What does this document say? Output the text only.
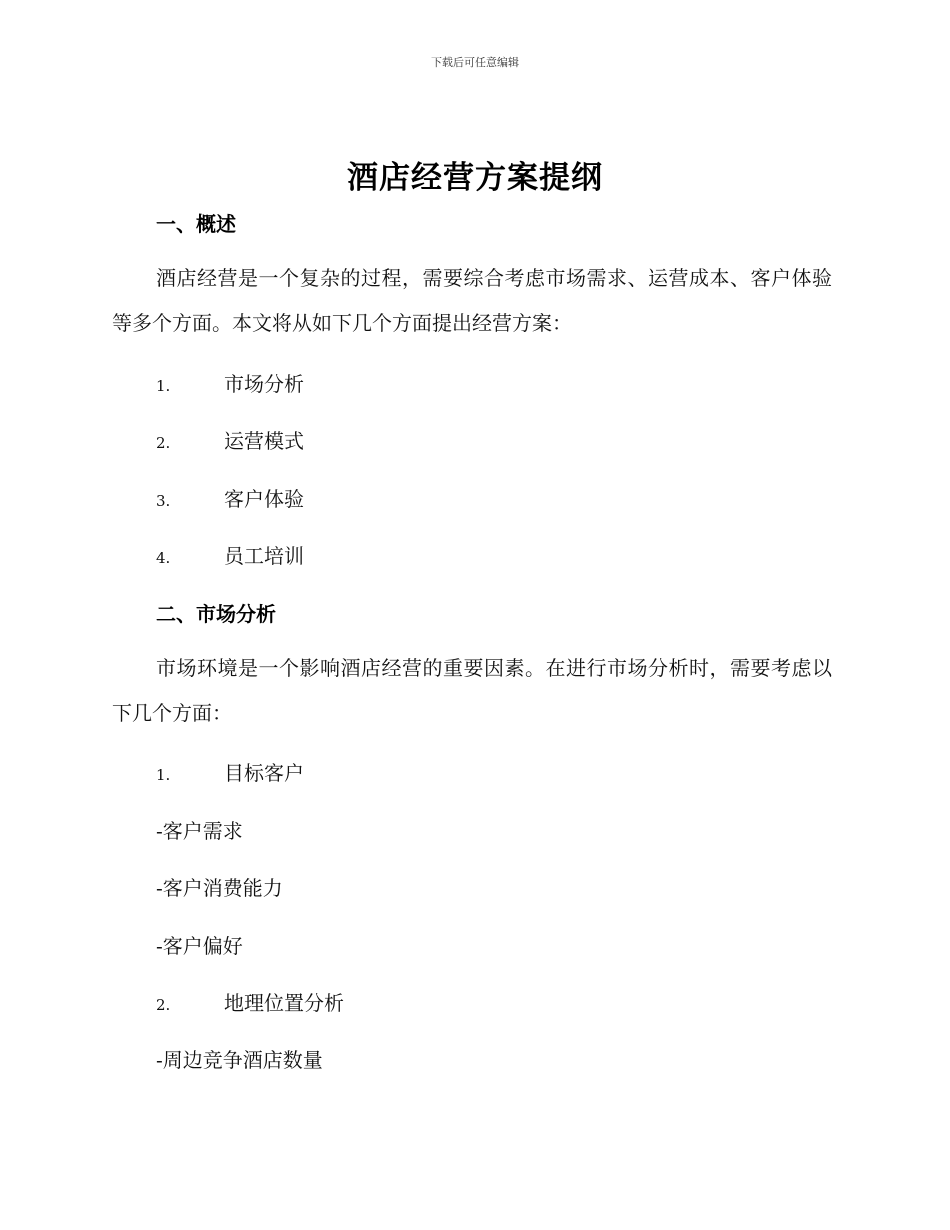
下载后可任意编辑
酒店经营方案提纲
一、概述
酒店经营是一个复杂的过程，需要综合考虑市场需求、运营成本、客户体验等多个方面。本文将从如下几个方面提出经营方案：
1.	市场分析
2.	运营模式
3.	客户体验
4.	员工培训
二、市场分析
市场环境是一个影响酒店经营的重要因素。在进行市场分析时，需要考虑以下几个方面：
1.	目标客户
-客户需求
-客户消费能力
-客户偏好
2.	地理位置分析
-周边竞争酒店数量
